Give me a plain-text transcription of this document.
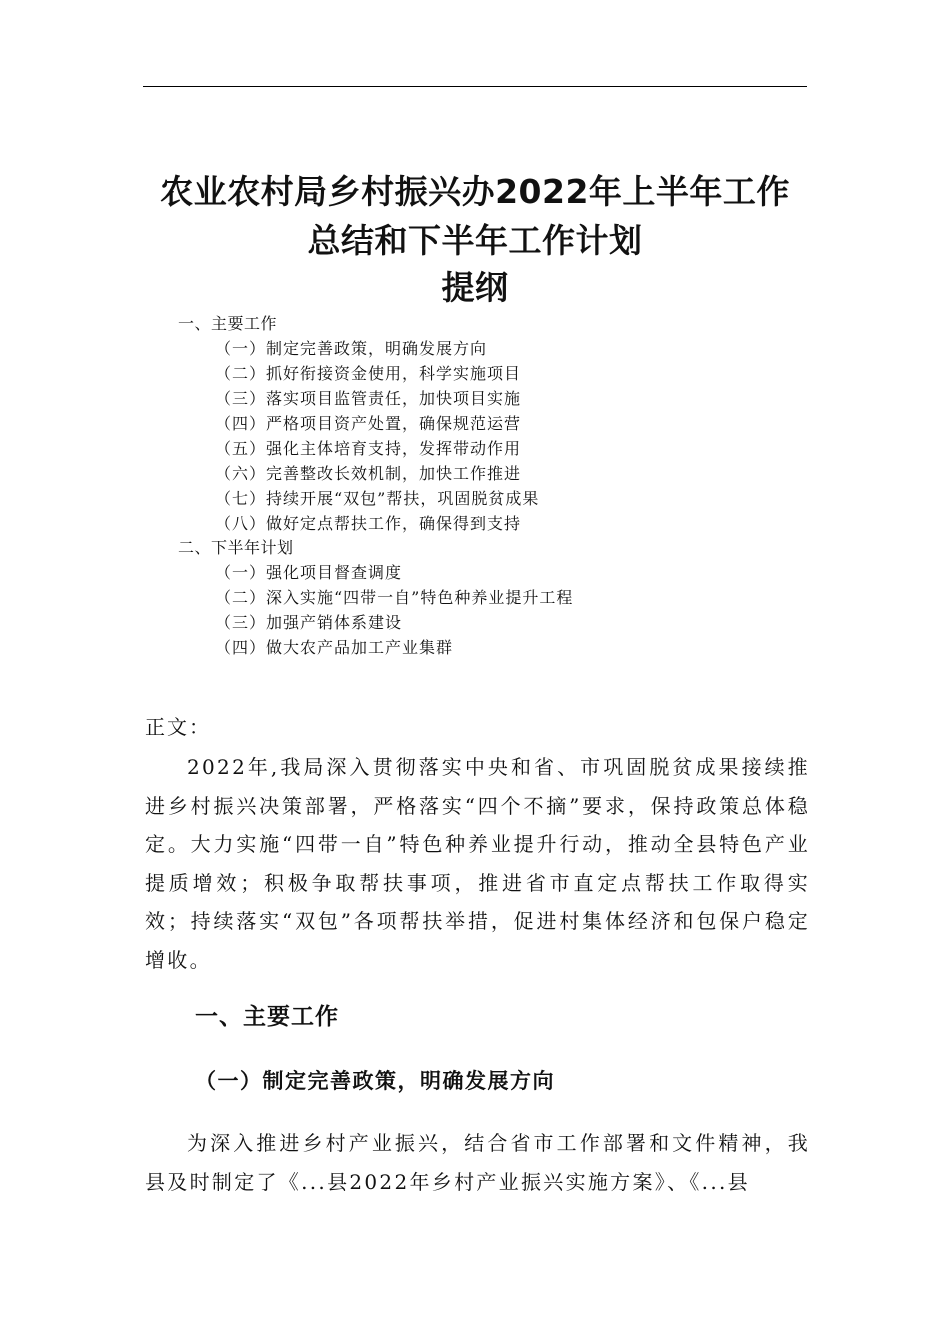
农业农村局乡村振兴办2022年上半年工作
总结和下半年工作计划
提纲
一、主要工作
（一）制定完善政策，明确发展方向
（二）抓好衔接资金使用，科学实施项目
（三）落实项目监管责任，加快项目实施
（四）严格项目资产处置，确保规范运营
（五）强化主体培育支持，发挥带动作用
（六）完善整改长效机制，加快工作推进
（七）持续开展“双包”帮扶，巩固脱贫成果
（八）做好定点帮扶工作，确保得到支持
二、下半年计划
（一）强化项目督查调度
（二）深入实施“四带一自”特色种养业提升工程
（三）加强产销体系建设
（四）做大农产品加工产业集群
正文：

2022年,我局深入贯彻落实中央和省、市巩固脱贫成果接续推进乡村振兴决策部署，严格落实“四个不摘”要求，保持政策总体稳定。大力实施“四带一自”特色种养业提升行动，推动全县特色产业提质增效；积极争取帮扶事项，推进省市直定点帮扶工作取得实效；持续落实“双包”各项帮扶举措，促进村集体经济和包保户稳定增收。

一、主要工作
（一）制定完善政策，明确发展方向

为深入推进乡村产业振兴，结合省市工作部署和文件精神，我县及时制定了《...县2022年乡村产业振兴实施方案》、《...县
